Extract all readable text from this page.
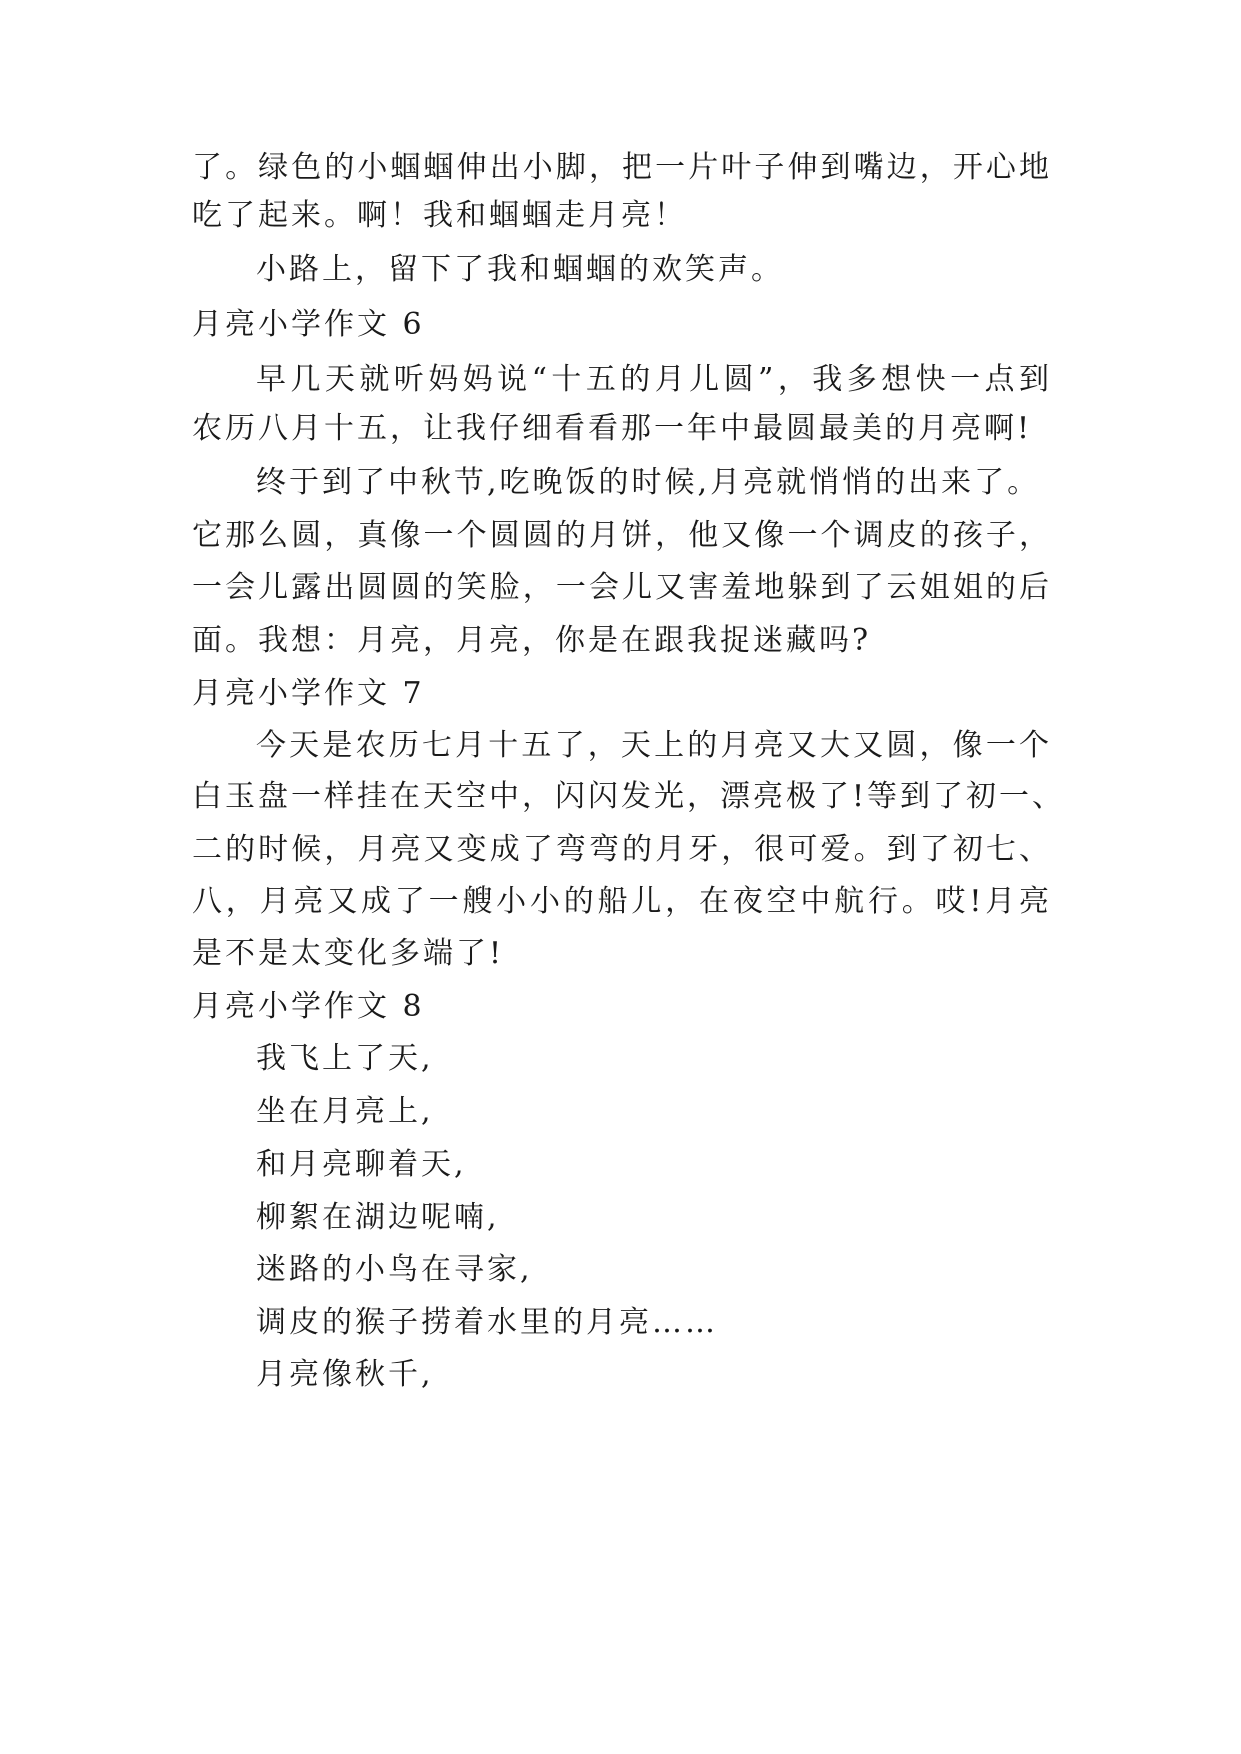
了。绿色的小蝈蝈伸出小脚，把一片叶子伸到嘴边，开心地
吃了起来。啊！我和蝈蝈走月亮！
小路上，留下了我和蝈蝈的欢笑声。
月亮小学作文 6
早几天就听妈妈说“十五的月儿圆”，我多想快一点到
农历八月十五，让我仔细看看那一年中最圆最美的月亮啊!
终于到了中秋节,吃晚饭的时候,月亮就悄悄的出来了。
它那么圆，真像一个圆圆的月饼，他又像一个调皮的孩子，
一会儿露出圆圆的笑脸，一会儿又害羞地躲到了云姐姐的后
面。我想：月亮，月亮，你是在跟我捉迷藏吗?
月亮小学作文 7
今天是农历七月十五了，天上的月亮又大又圆，像一个
白玉盘一样挂在天空中，闪闪发光，漂亮极了!等到了初一、
二的时候，月亮又变成了弯弯的月牙，很可爱。到了初七、
八，月亮又成了一艘小小的船儿，在夜空中航行。哎!月亮
是不是太变化多端了!
月亮小学作文 8
我飞上了天,
坐在月亮上,
和月亮聊着天,
柳絮在湖边呢喃,
迷路的小鸟在寻家,
调皮的猴子捞着水里的月亮……
月亮像秋千,
